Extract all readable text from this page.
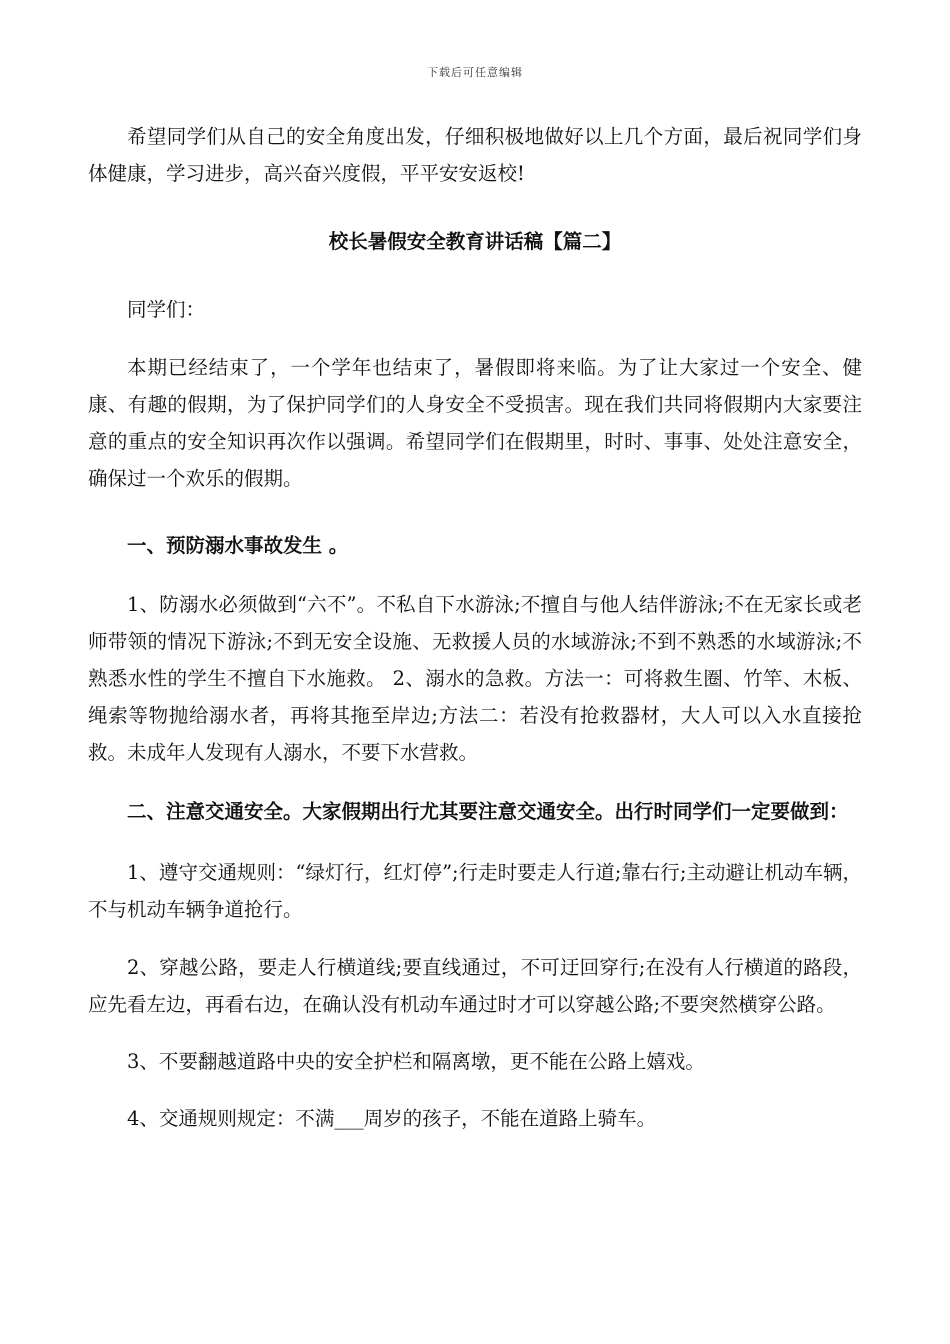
下载后可任意编辑

希望同学们从自己的安全角度出发，仔细积极地做好以上几个方面，最后祝同学们身体健康，学习进步，高兴奋兴度假，平平安安返校!

校长暑假安全教育讲话稿【篇二】

同学们：

本期已经结束了，一个学年也结束了，暑假即将来临。为了让大家过一个安全、健康、有趣的假期，为了保护同学们的人身安全不受损害。现在我们共同将假期内大家要注意的重点的安全知识再次作以强调。希望同学们在假期里，时时、事事、处处注意安全，确保过一个欢乐的假期。

一、预防溺水事故发生 。

1、防溺水必须做到“六不”。不私自下水游泳;不擅自与他人结伴游泳;不在无家长或老师带领的情况下游泳;不到无安全设施、无救援人员的水域游泳;不到不熟悉的水域游泳;不熟悉水性的学生不擅自下水施救。 2、溺水的急救。方法一：可将救生圈、竹竿、木板、绳索等物抛给溺水者，再将其拖至岸边;方法二：若没有抢救器材，大人可以入水直接抢救。未成年人发现有人溺水，不要下水营救。

二、注意交通安全。大家假期出行尤其要注意交通安全。出行时同学们一定要做到：

1、遵守交通规则：“绿灯行，红灯停”;行走时要走人行道;靠右行;主动避让机动车辆，不与机动车辆争道抢行。

2、穿越公路，要走人行横道线;要直线通过，不可迂回穿行;在没有人行横道的路段，应先看左边，再看右边，在确认没有机动车通过时才可以穿越公路;不要突然横穿公路。

3、不要翻越道路中央的安全护栏和隔离墩，更不能在公路上嬉戏。

4、交通规则规定：不满___周岁的孩子，不能在道路上骑车。
